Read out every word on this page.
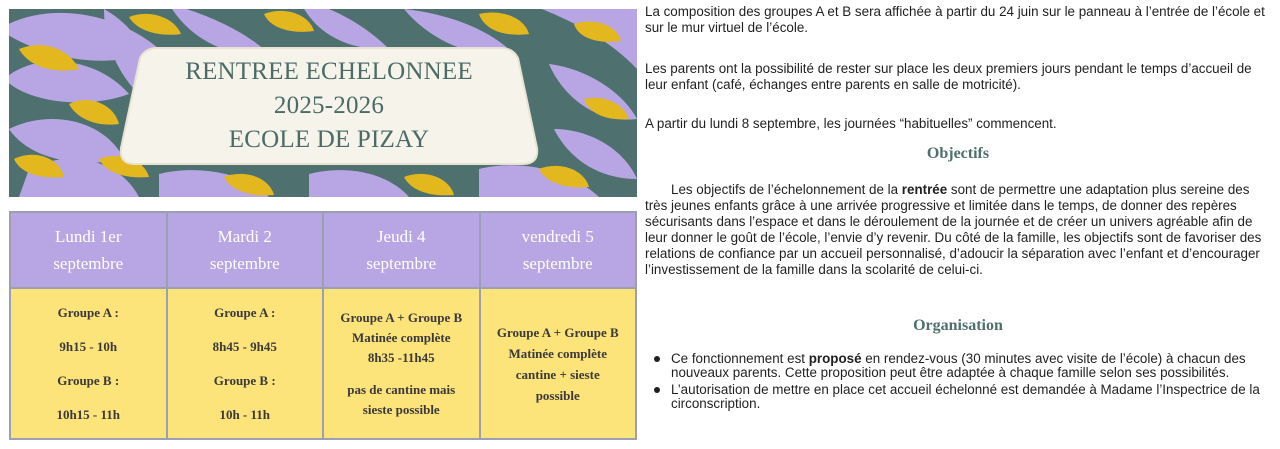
RENTREE ECHELONNEE
2025-2026
ECOLE DE PIZAY
Lundi 1er
septembre	Mardi 2
septembre	Jeudi 4
septembre	vendredi 5
septembre

Groupe A :
9h15 - 10h
Groupe B :
10h15 - 11h	Groupe A :
8h45 - 9h45
Groupe B :
10h - 11h	Groupe A + Groupe B
Matinée complète
8h35 -11h45
pas de cantine mais
sieste possible	Groupe A + Groupe B
Matinée complète
cantine + sieste
possible

La composition des groupes A et B sera affichée à partir du 24 juin sur le panneau à l’entrée de l’école et sur le mur virtuel de l’école.

Les parents ont la possibilité de rester sur place les deux premiers jours pendant le temps d’accueil de leur enfant (café, échanges entre parents en salle de motricité).

A partir du lundi 8 septembre, les journées “habituelles” commencent.

Objectifs

Les objectifs de l’échelonnement de la rentrée sont de permettre une adaptation plus sereine des très jeunes enfants grâce à une arrivée progressive et limitée dans le temps, de donner des repères sécurisants dans l’espace et dans le déroulement de la journée et de créer un univers agréable afin de leur donner le goût de l’école, l’envie d’y revenir. Du côté de la famille, les objectifs sont de favoriser des relations de confiance par un accueil personnalisé, d’adoucir la séparation avec l’enfant et d’encourager l’investissement de la famille dans la scolarité de celui-ci.

Organisation
Ce fonctionnement est proposé en rendez-vous (30 minutes avec visite de l’école) à chacun des nouveaux parents. Cette proposition peut être adaptée à chaque famille selon ses possibilités.
L’autorisation de mettre en place cet accueil échelonné est demandée à Madame l’Inspectrice de la circonscription.
